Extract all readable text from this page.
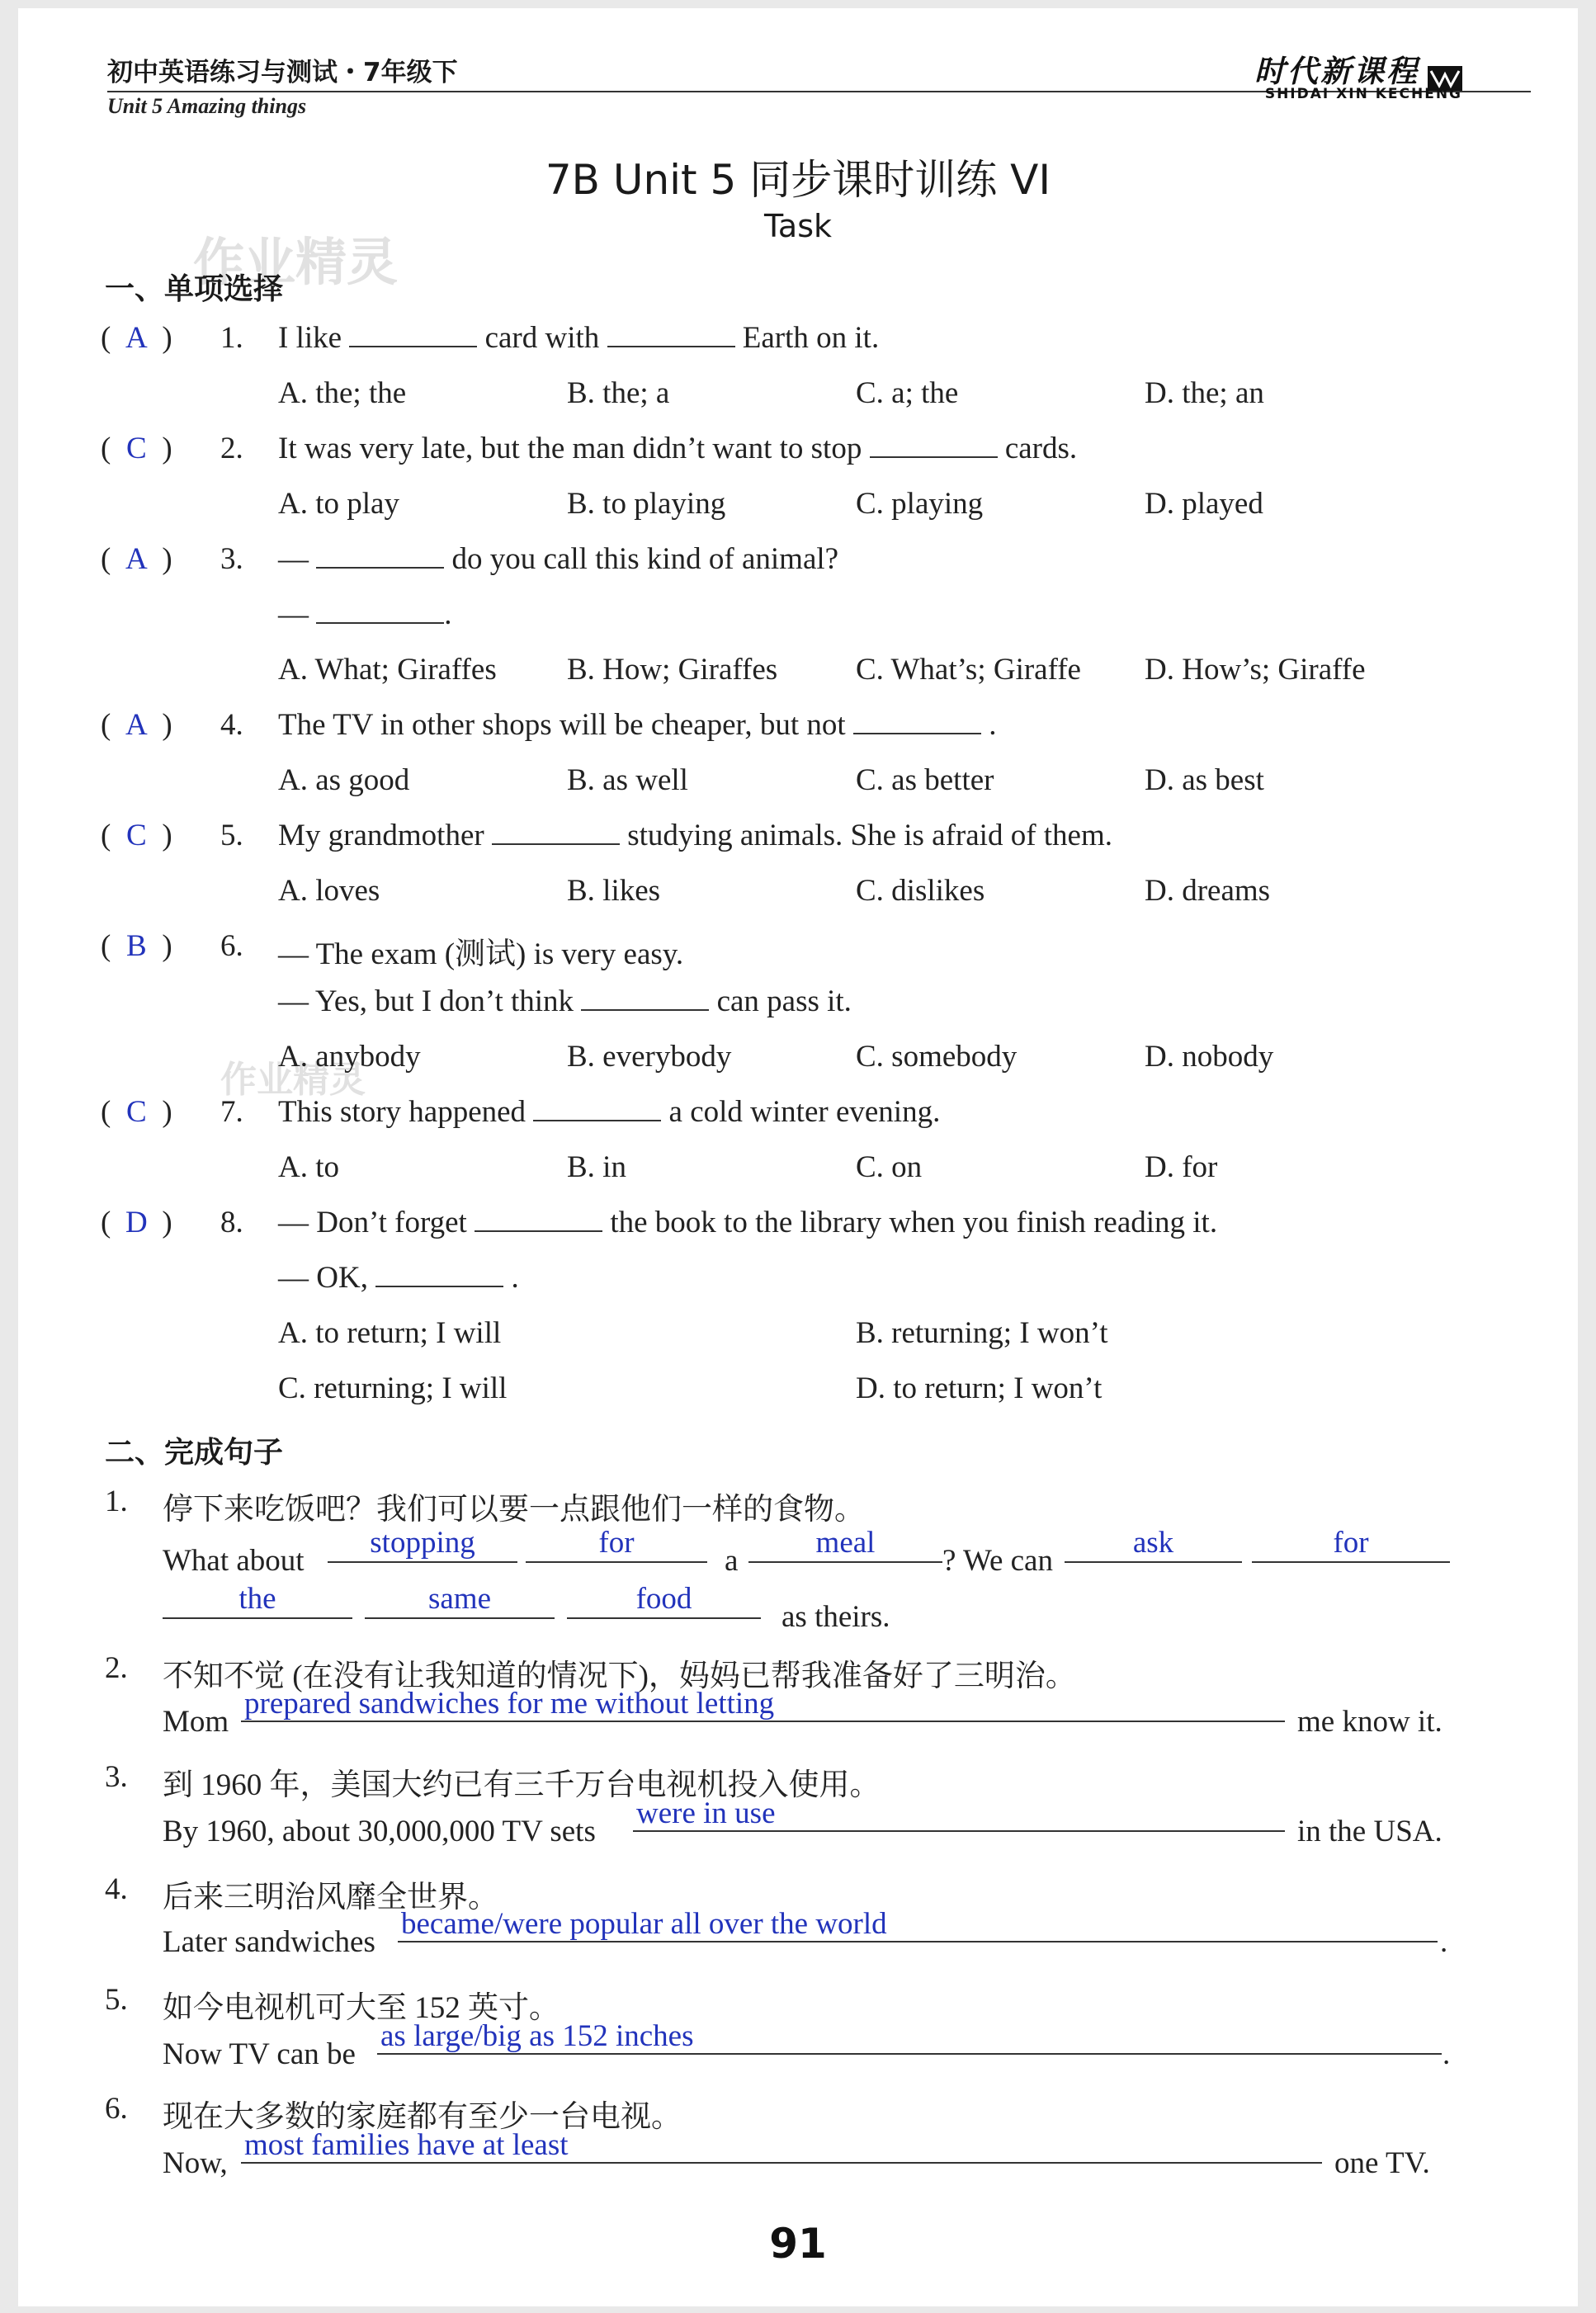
初中英语练习与测试・7年级下
Unit 5 Amazing things
时代新课程
SHIDAI XIN KECHENG
7B Unit 5 同步课时训练 VI
Task
作业精灵
作业精灵
一、单项选择
( A ) 1. I like	card with	Earth on it.
A. the; the	B. the; a	C. a; the	D. the; an
( C ) 2. It was very late, but the man didn’t want to stop	cards.
A. to play	B. to playing	C. playing	D. played
( A ) 3. —	do you call this kind of animal?
—	.
A. What; Giraffes B. How; Giraffes	C. What’s; Giraffe D. How’s; Giraffe
( A ) 4. The TV in other shops will be cheaper, but not	.
A. as good	B. as well	C. as better	D. as best
( C ) 5. My grandmother	studying animals. She is afraid of them.
A. loves	B. likes	C. dislikes	D. dreams
( B ) 6. — The exam (测试) is very easy.
— Yes, but I don’t think	can pass it.
A. anybody	B. everybody	C. somebody	D. nobody
( C ) 7. This story happened	a cold winter evening.
A. to	B. in	C. on	D. for
( D ) 8. — Don’t forget	the book to the library when you finish reading it.
— OK,	.
A. to return; I will	B. returning; I won’t
C. returning; I will	D. to return; I won’t
二、完成句子
1. 停下来吃饭吧？我们可以要一点跟他们一样的食物。
What about
stopping	for	meal	ask	for
a	? We can
the	same	food
as theirs.
2. 不知不觉 (在没有让我知道的情况下)，妈妈已帮我准备好了三明治。
Mom
prepared sandwiches for me without letting
me know it.
3. 到 1960 年，美国大约已有三千万台电视机投入使用。
By 1960, about 30,000,000 TV sets
were in use
in the USA.
4. 后来三明治风靡全世界。
Later sandwiches
became/were popular all over the world
.
5. 如今电视机可大至 152 英寸。
Now TV can be
as large/big as 152 inches
.
6. 现在大多数的家庭都有至少一台电视。
Now,
most families have at least
one TV.
91
